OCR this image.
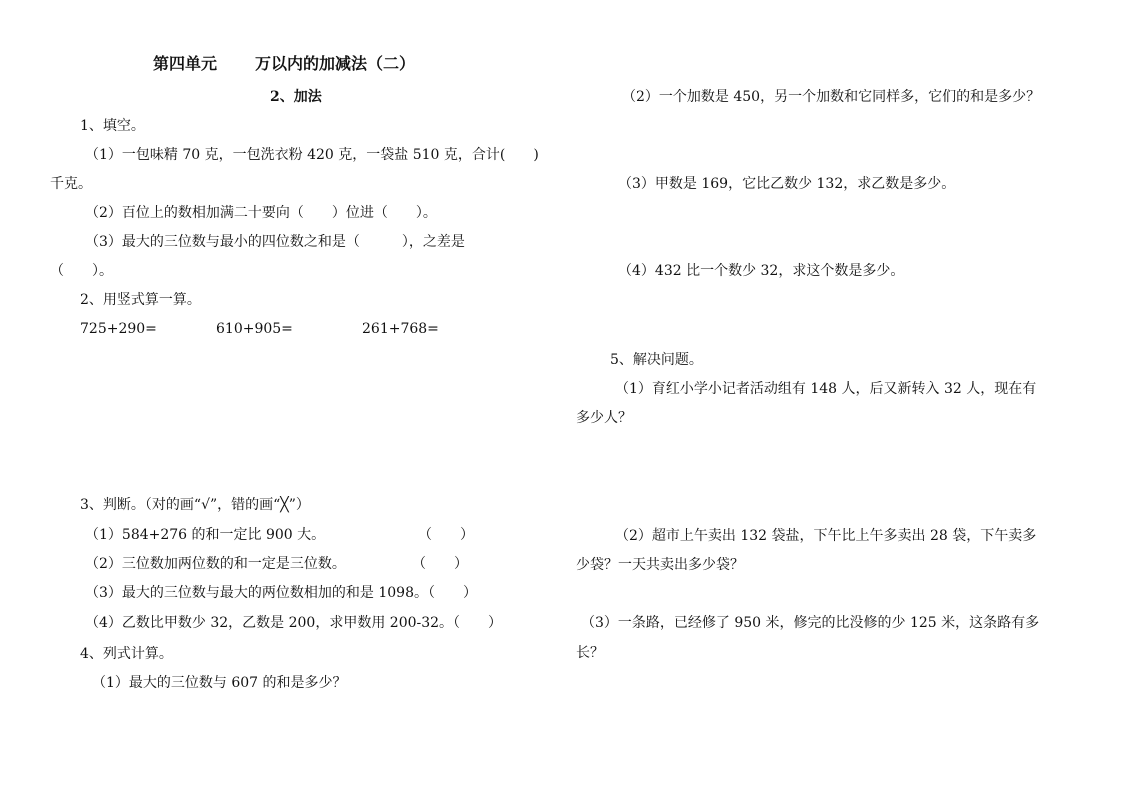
第四单元 万以内的加减法（二）
2、加法
1、填空。
（1）一包味精 70 克，一包洗衣粉 420 克，一袋盐 510 克，合计(　　)
千克。
（2）百位上的数相加满二十要向（　　）位进（　　）。
（3）最大的三位数与最小的四位数之和是（　　　），之差是
（　　）。
2、用竖式算一算。
725+290=	610+905=	261+768=
3、判断。（对的画“√”，错的画“╳”）
（1）584+276 的和一定比 900 大。	（　　）
（2）三位数加两位数的和一定是三位数。	（　　）
（3）最大的三位数与最大的两位数相加的和是 1098。（　　）
（4）乙数比甲数少 32，乙数是 200，求甲数用 200-32。（　　）
4、列式计算。
（1）最大的三位数与 607 的和是多少？
（2）一个加数是 450，另一个加数和它同样多，它们的和是多少？
（3）甲数是 169，它比乙数少 132，求乙数是多少。
（4）432 比一个数少 32，求这个数是多少。
5、解决问题。
（1）育红小学小记者活动组有 148 人，后又新转入 32 人，现在有
多少人？
（2）超市上午卖出 132 袋盐，下午比上午多卖出 28 袋，下午卖多
少袋？一天共卖出多少袋？
（3）一条路，已经修了 950 米，修完的比没修的少 125 米，这条路有多
长？
